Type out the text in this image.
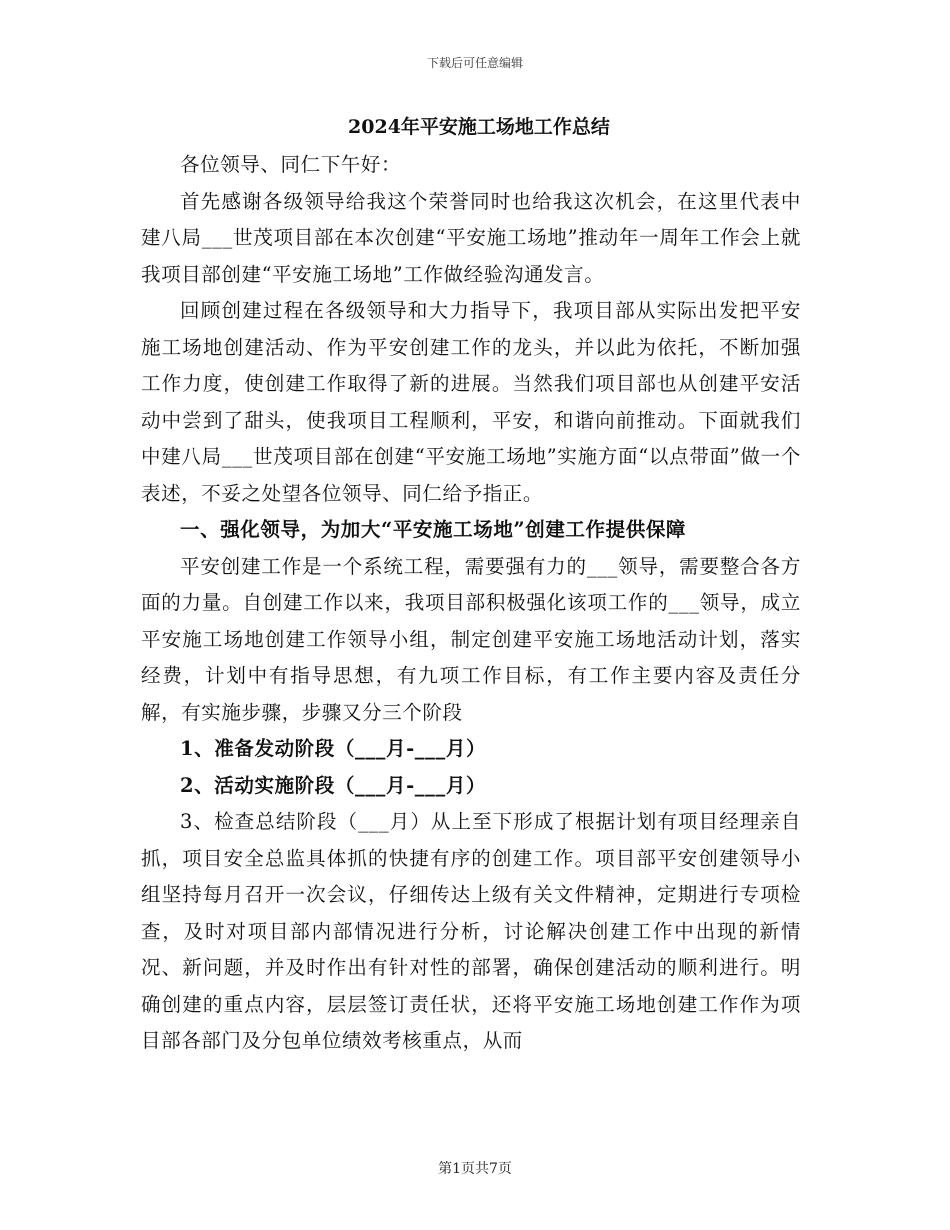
下载后可任意编辑
2024年平安施工场地工作总结

各位领导、同仁下午好：

首先感谢各级领导给我这个荣誉同时也给我这次机会，在这里代表中建八局___世茂项目部在本次创建“平安施工场地”推动年一周年工作会上就我项目部创建“平安施工场地”工作做经验沟通发言。

回顾创建过程在各级领导和大力指导下，我项目部从实际出发把平安施工场地创建活动、作为平安创建工作的龙头，并以此为依托，不断加强工作力度，使创建工作取得了新的进展。当然我们项目部也从创建平安活动中尝到了甜头，使我项目工程顺利，平安，和谐向前推动。下面就我们中建八局___世茂项目部在创建“平安施工场地”实施方面“以点带面”做一个表述，不妥之处望各位领导、同仁给予指正。

一、强化领导，为加大“平安施工场地”创建工作提供保障

平安创建工作是一个系统工程，需要强有力的___领导，需要整合各方面的力量。自创建工作以来，我项目部积极强化该项工作的___领导，成立平安施工场地创建工作领导小组，制定创建平安施工场地活动计划，落实经费，计划中有指导思想，有九项工作目标，有工作主要内容及责任分解，有实施步骤，步骤又分三个阶段

1、准备发动阶段（___月-___月）

2、活动实施阶段（___月-___月）

3、检查总结阶段（___月）从上至下形成了根据计划有项目经理亲自抓，项目安全总监具体抓的快捷有序的创建工作。项目部平安创建领导小组坚持每月召开一次会议，仔细传达上级有关文件精神，定期进行专项检查，及时对项目部内部情况进行分析，讨论解决创建工作中出现的新情况、新问题，并及时作出有针对性的部署，确保创建活动的顺利进行。明确创建的重点内容，层层签订责任状，还将平安施工场地创建工作作为项目部各部门及分包单位绩效考核重点，从而

第1页共7页
